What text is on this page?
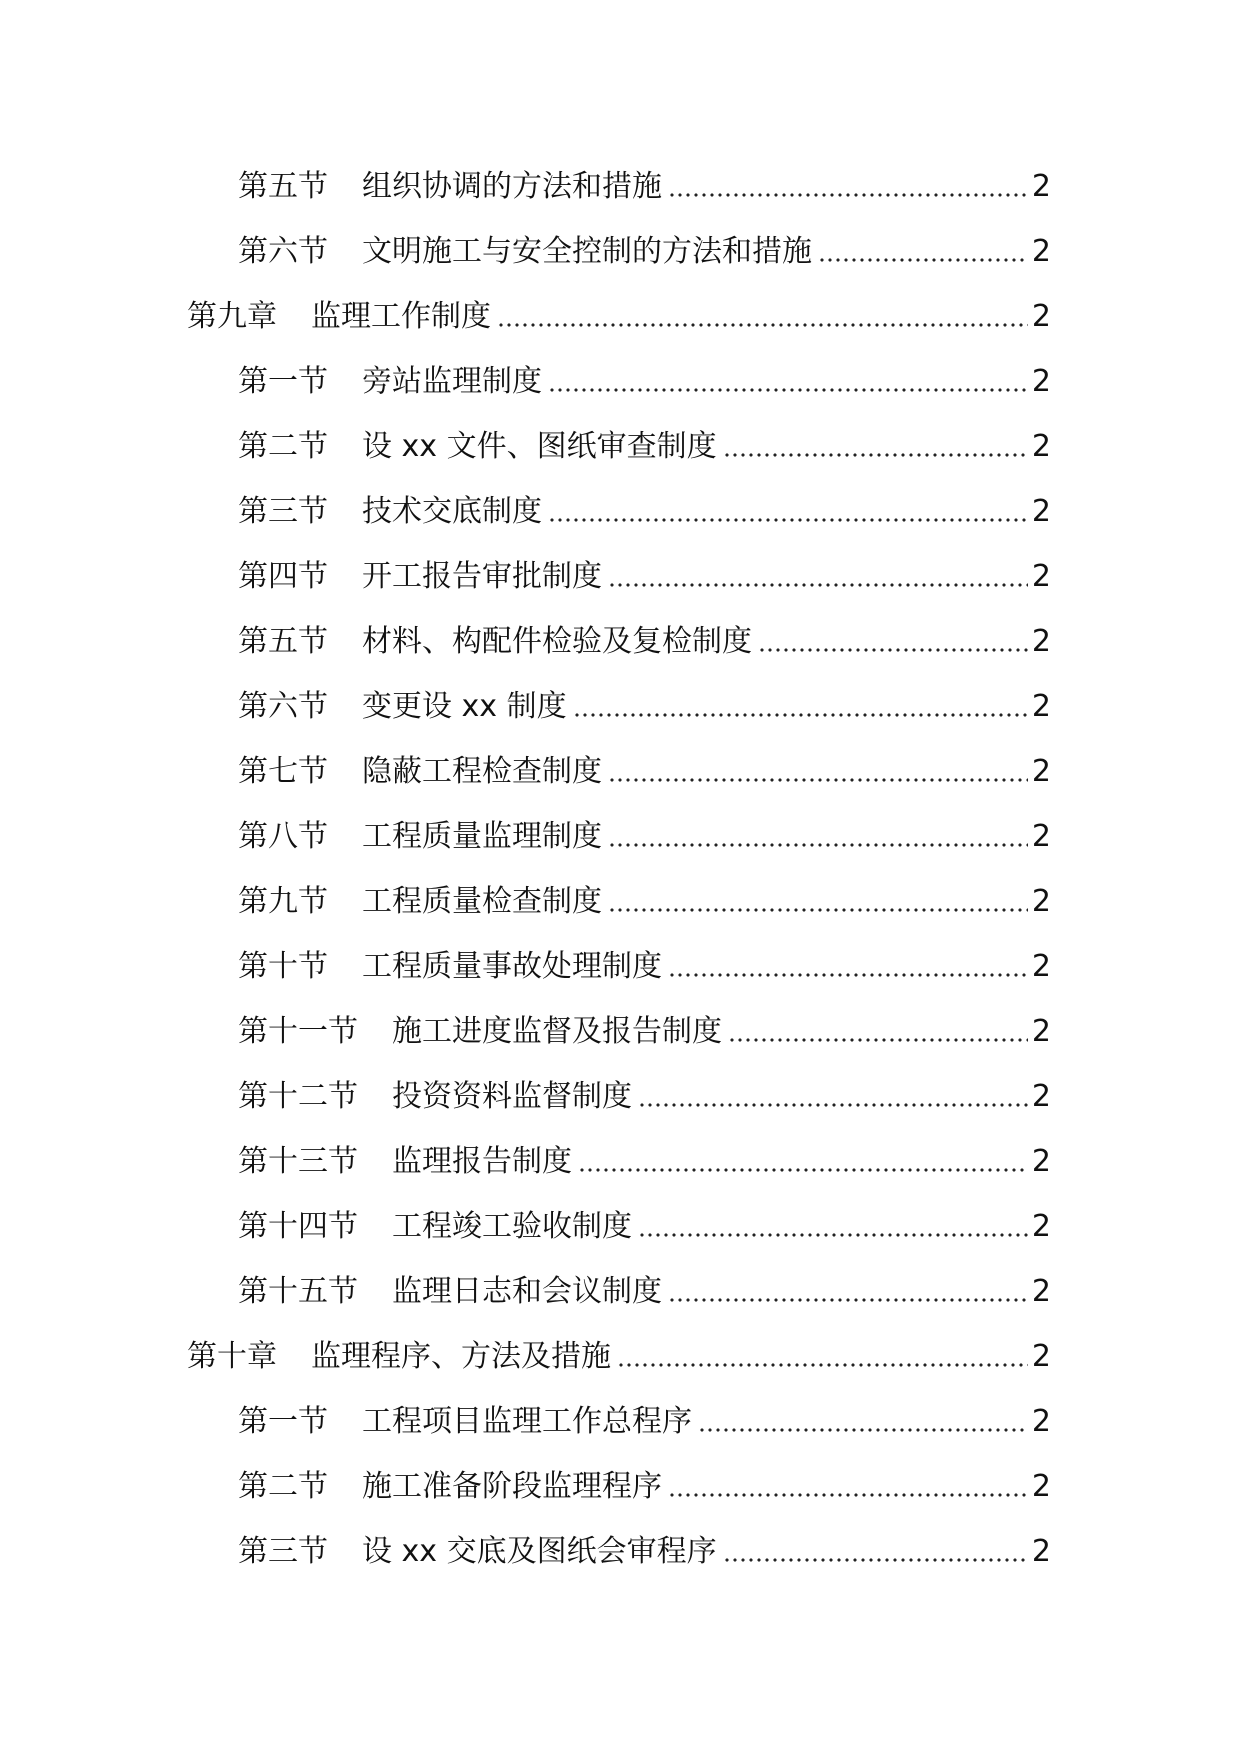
第五节 组织协调的方法和措施	2
第六节 文明施工与安全控制的方法和措施	2
第九章 监理工作制度	2
第一节 旁站监理制度	2
第二节 设 xx 文件、图纸审查制度	2
第三节 技术交底制度	2
第四节 开工报告审批制度	2
第五节 材料、构配件检验及复检制度	2
第六节 变更设 xx 制度	2
第七节 隐蔽工程检查制度	2
第八节 工程质量监理制度	2
第九节 工程质量检查制度	2
第十节 工程质量事故处理制度	2
第十一节 施工进度监督及报告制度	2
第十二节 投资资料监督制度	2
第十三节 监理报告制度	2
第十四节 工程竣工验收制度	2
第十五节 监理日志和会议制度	2
第十章 监理程序、方法及措施	2
第一节 工程项目监理工作总程序	2
第二节 施工准备阶段监理程序	2
第三节 设 xx 交底及图纸会审程序	2
